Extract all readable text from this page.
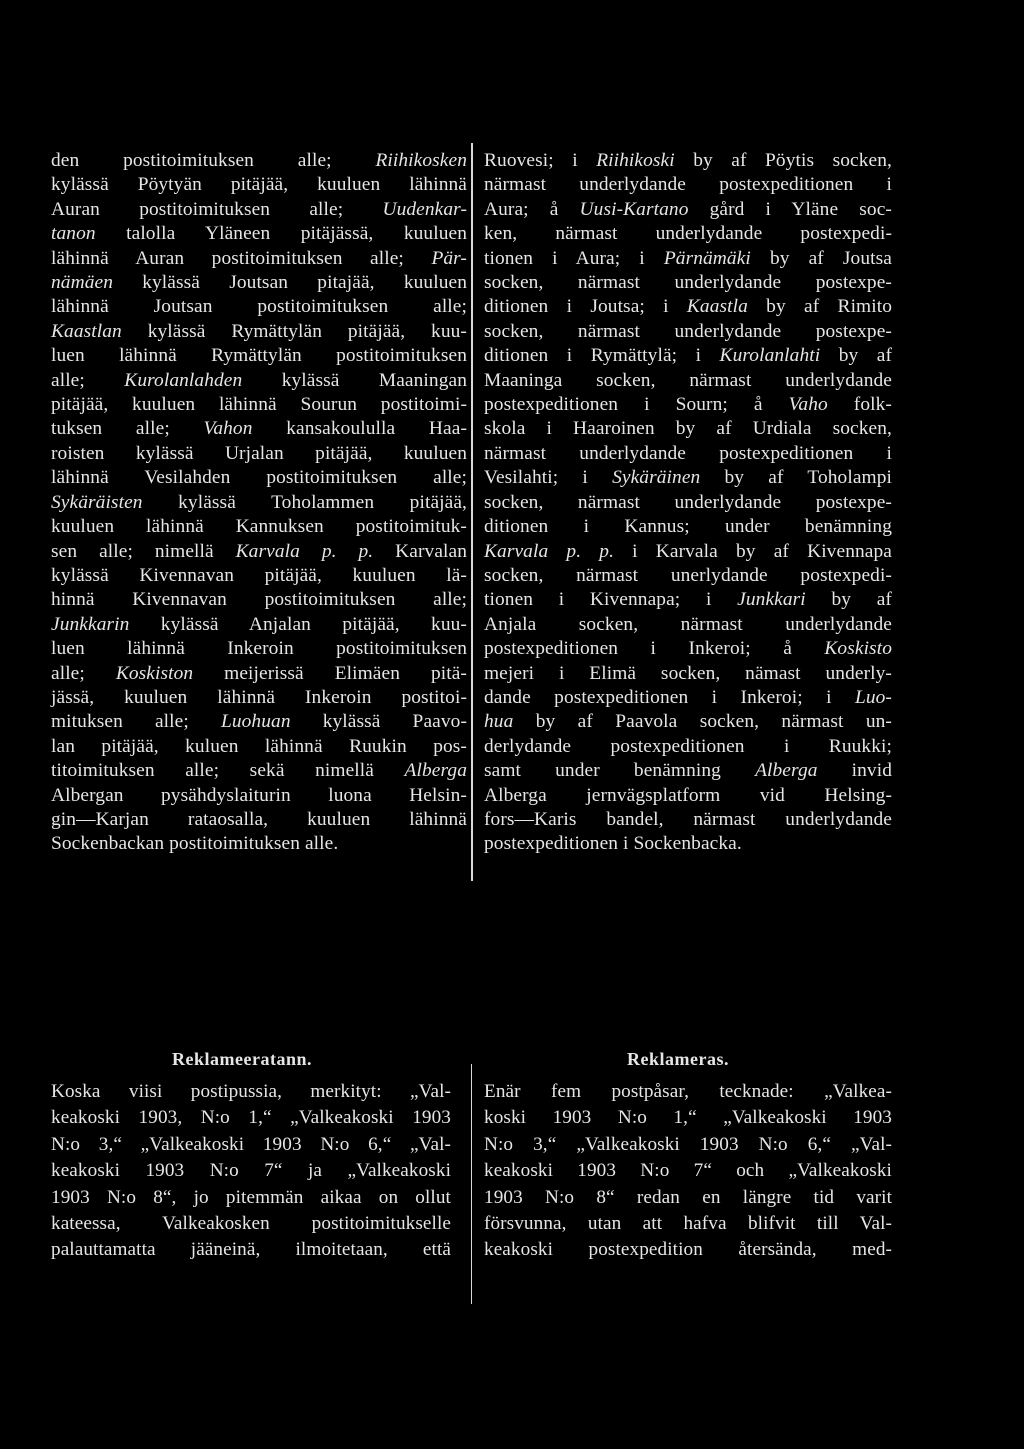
den postitoimituksen alle; Riihikosken
kylässä Pöytyän pitäjää, kuuluen lähinnä
Auran postitoimituksen alle; Uudenkar-
tanon talolla Yläneen pitäjässä, kuuluen
lähinnä Auran postitoimituksen alle; Pär-
nämäen kylässä Joutsan pitajää, kuuluen
lähinnä Joutsan postitoimituksen alle;
Kaastlan kylässä Rymättylän pitäjää, kuu-
luen lähinnä Rymättylän postitoimituksen
alle; Kurolanlahden kylässä Maaningan
pitäjää, kuuluen lähinnä Sourun postitoimi-
tuksen alle; Vahon kansakoululla Haa-
roisten kylässä Urjalan pitäjää, kuuluen
lähinnä Vesilahden postitoimituksen alle;
Sykäräisten kylässä Toholammen pitäjää,
kuuluen lähinnä Kannuksen postitoimituk-
sen alle; nimellä Karvala p. p. Karvalan
kylässä Kivennavan pitäjää, kuuluen lä-
hinnä Kivennavan postitoimituksen alle;
Junkkarin kylässä Anjalan pitäjää, kuu-
luen lähinnä Inkeroin postitoimituksen
alle; Koskiston meijerissä Elimäen pitä-
jässä, kuuluen lähinnä Inkeroin postitoi-
mituksen alle; Luohuan kylässä Paavo-
lan pitäjää, kuluen lähinnä Ruukin pos-
titoimituksen alle; sekä nimellä Alberga
Albergan pysähdyslaiturin luona Helsin-
gin—Karjan rataosalla, kuuluen lähinnä
Sockenbackan postitoimituksen alle.
Ruovesi; i Riihikoski by af Pöytis socken,
närmast underlydande postexpeditionen i
Aura; å Uusi-Kartano gård i Yläne soc-
ken, närmast underlydande postexpedi-
tionen i Aura; i Pärnämäki by af Joutsa
socken, närmast underlydande postexpe-
ditionen i Joutsa; i Kaastla by af Rimito
socken, närmast underlydande postexpe-
ditionen i Rymättylä; i Kurolanlahti by af
Maaninga socken, närmast underlydande
postexpeditionen i Sourn; å Vaho folk-
skola i Haaroinen by af Urdiala socken,
närmast underlydande postexpeditionen i
Vesilahti; i Sykäräinen by af Toholampi
socken, närmast underlydande postexpe-
ditionen i Kannus; under benämning
Karvala p. p. i Karvala by af Kivennapa
socken, närmast unerlydande postexpedi-
tionen i Kivennapa; i Junkkari by af
Anjala socken, närmast underlydande
postexpeditionen i Inkeroi; å Koskisto
mejeri i Elimä socken, nämast underly-
dande postexpeditionen i Inkeroi; i Luo-
hua by af Paavola socken, närmast un-
derlydande postexpeditionen i Ruukki;
samt under benämning Alberga invid
Alberga jernvägsplatform vid Helsing-
fors—Karis bandel, närmast underlydande
postexpeditionen i Sockenbacka.
Reklameeratann.	Reklameras.
Koska viisi postipussia, merkityt: „Val-
keakoski 1903, N:o 1,“ „Valkeakoski 1903
N:o 3,“ „Valkeakoski 1903 N:o 6,“ „Val-
keakoski 1903 N:o 7“ ja „Valkeakoski
1903 N:o 8“, jo pitemmän aikaa on ollut
kateessa, Valkeakosken postitoimitukselle
palauttamatta jääneinä, ilmoitetaan, että
Enär fem postpåsar, tecknade: „Valkea-
koski 1903 N:o 1,“ „Valkeakoski 1903
N:o 3,“ „Valkeakoski 1903 N:o 6,“ „Val-
keakoski 1903 N:o 7“ och „Valkeakoski
1903 N:o 8“ redan en längre tid varit
försvunna, utan att hafva blifvit till Val-
keakoski postexpedition återsända, med-
